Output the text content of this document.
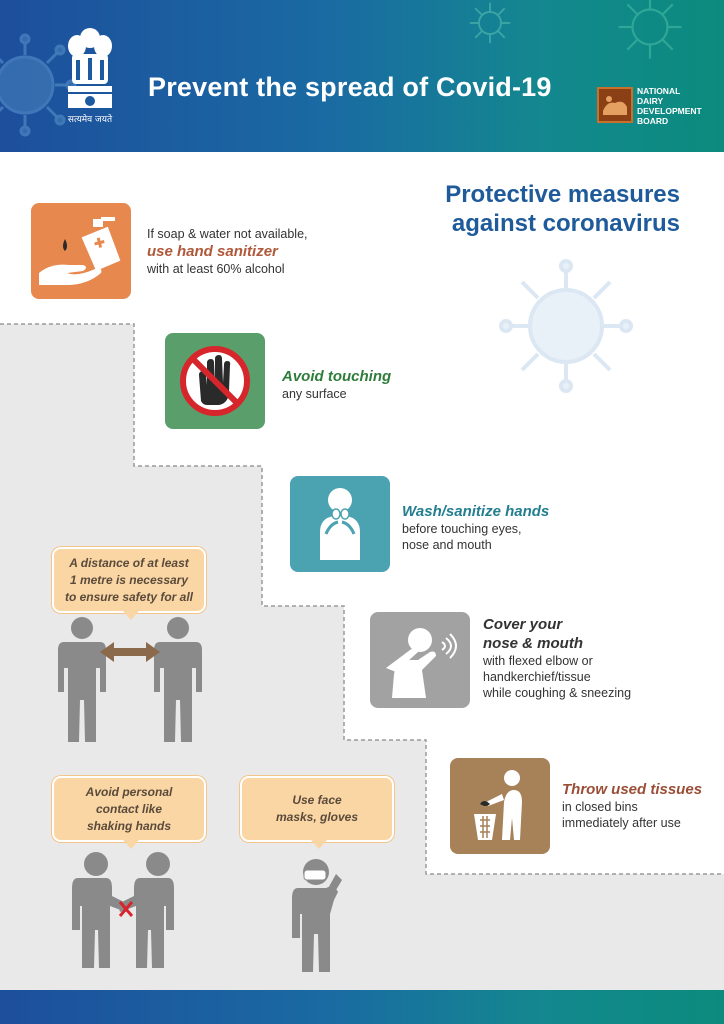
सत्यमेव जयते
Prevent the spread of Covid-19	NATIONAL
DAIRY
DEVELOPMENT
BOARD
Protective measures
against coronavirus
If soap & water not available,
use hand sanitizer
with at least 60% alcohol
Avoid touching
any surface
Wash/sanitize hands
before touching eyes,
nose and mouth
Cover your
nose & mouth
with flexed elbow or
handkerchief/tissue
while coughing & sneezing
Throw used tissues
in closed bins
immediately after use
A distance of at least
1 metre is necessary
to ensure safety for all
Avoid personal
contact like
shaking hands
Use face
masks, gloves
